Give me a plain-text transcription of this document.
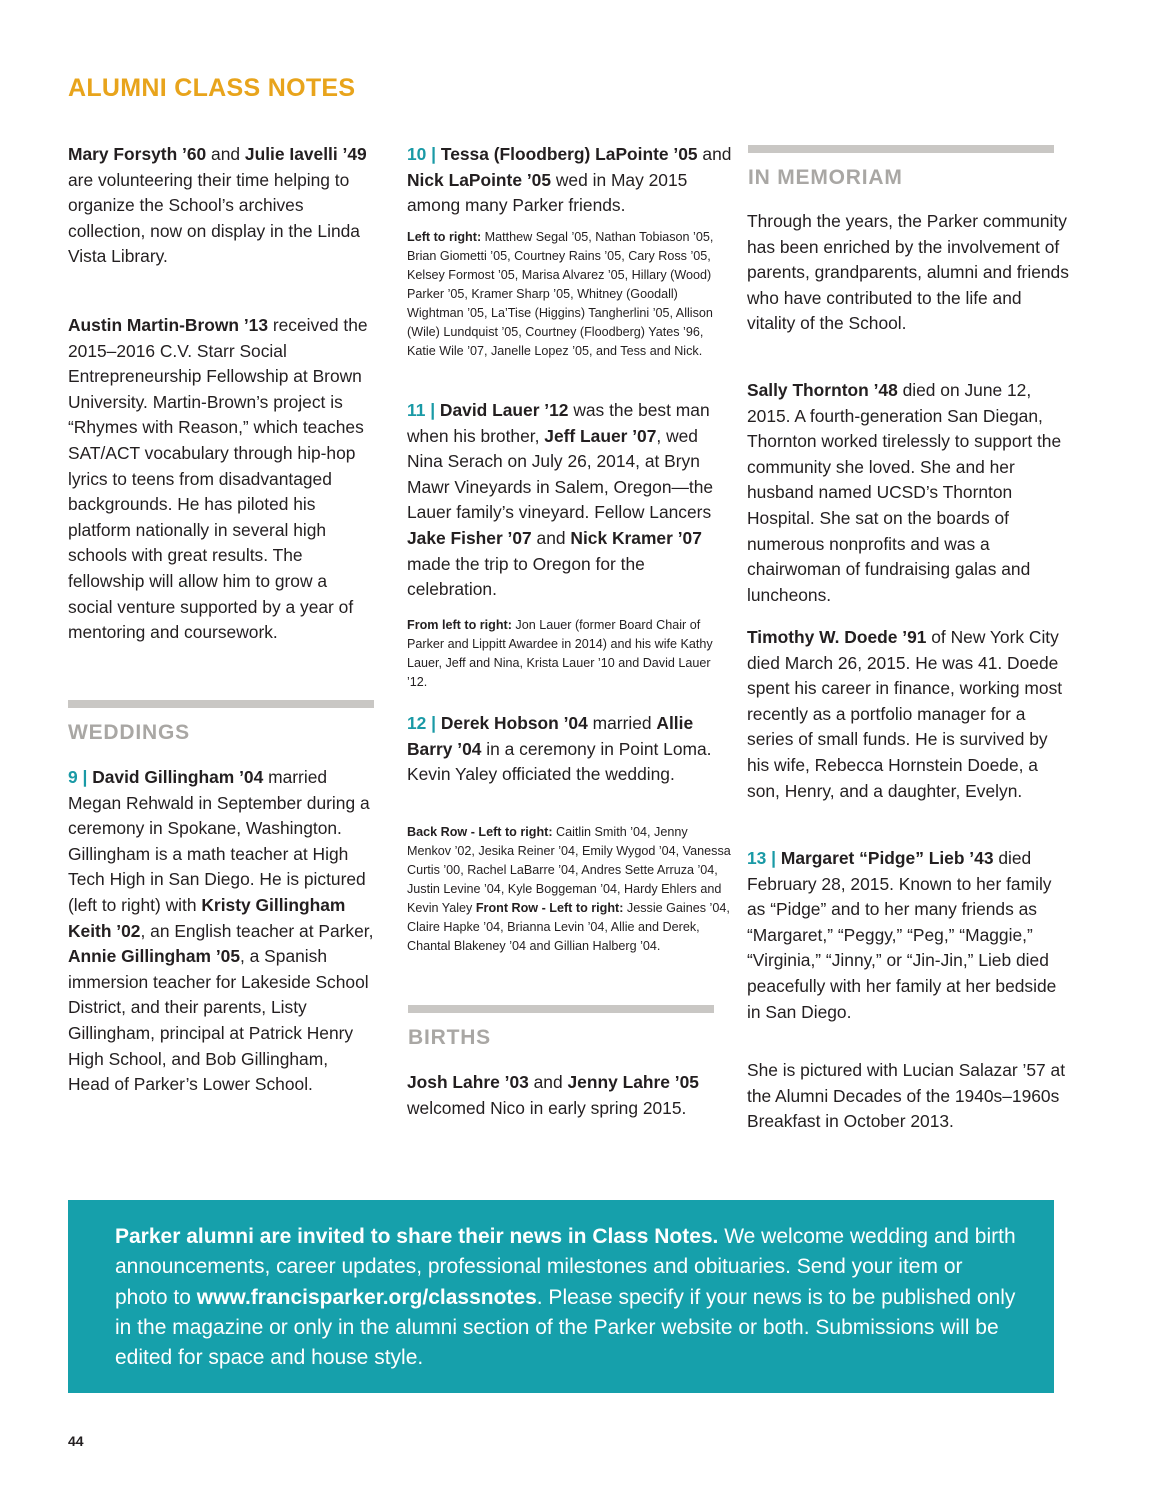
ALUMNI CLASS NOTES
Mary Forsyth ’60 and Julie Iavelli ’49 are volunteering their time helping to organize the School’s archives collection, now on display in the Linda Vista Library.
Austin Martin-Brown ’13 received the 2015–2016 C.V. Starr Social Entrepreneurship Fellowship at Brown University. Martin-Brown’s project is “Rhymes with Reason,” which teaches SAT/ACT vocabulary through hip-hop lyrics to teens from disadvantaged backgrounds. He has piloted his platform nationally in several high schools with great results. The fellowship will allow him to grow a social venture supported by a year of mentoring and coursework.
WEDDINGS
9 | David Gillingham ’04 married Megan Rehwald in September during a ceremony in Spokane, Washington. Gillingham is a math teacher at High Tech High in San Diego. He is pictured (left to right) with Kristy Gillingham Keith ’02, an English teacher at Parker, Annie Gillingham ’05, a Spanish immersion teacher for Lakeside School District, and their parents, Listy Gillingham, principal at Patrick Henry High School, and Bob Gillingham, Head of Parker’s Lower School.
10 | Tessa (Floodberg) LaPointe ’05 and Nick LaPointe ’05 wed in May 2015 among many Parker friends.
Left to right: Matthew Segal ’05, Nathan Tobiason ’05, Brian Giometti ’05, Courtney Rains ’05, Cary Ross ’05, Kelsey Formost ’05, Marisa Alvarez ’05, Hillary (Wood) Parker ’05, Kramer Sharp ’05, Whitney (Goodall) Wightman ’05, La’Tise (Higgins) Tangherlini ’05, Allison (Wile) Lundquist ’05, Courtney (Floodberg) Yates ’96, Katie Wile ’07, Janelle Lopez ’05, and Tess and Nick.
11 | David Lauer ’12 was the best man when his brother, Jeff Lauer ’07, wed Nina Serach on July 26, 2014, at Bryn Mawr Vineyards in Salem, Oregon—the Lauer family’s vineyard. Fellow Lancers Jake Fisher ’07 and Nick Kramer ’07 made the trip to Oregon for the celebration.
From left to right: Jon Lauer (former Board Chair of Parker and Lippitt Awardee in 2014) and his wife Kathy Lauer, Jeff and Nina, Krista Lauer ’10 and David Lauer ’12.
12 | Derek Hobson ’04 married Allie Barry ’04 in a ceremony in Point Loma. Kevin Yaley officiated the wedding.
Back Row - Left to right: Caitlin Smith ’04, Jenny Menkov ’02, Jesika Reiner ’04, Emily Wygod ’04, Vanessa Curtis ’00, Rachel LaBarre ’04, Andres Sette Arruza ’04, Justin Levine ’04, Kyle Boggeman ’04, Hardy Ehlers and Kevin Yaley Front Row - Left to right: Jessie Gaines ’04, Claire Hapke ’04, Brianna Levin ’04, Allie and Derek, Chantal Blakeney ’04 and Gillian Halberg ’04.
BIRTHS
Josh Lahre ’03 and Jenny Lahre ’05 welcomed Nico in early spring 2015.
IN MEMORIAM
Through the years, the Parker community has been enriched by the involvement of parents, grandparents, alumni and friends who have contributed to the life and vitality of the School.
Sally Thornton ’48 died on June 12, 2015. A fourth-generation San Diegan, Thornton worked tirelessly to support the community she loved. She and her husband named UCSD’s Thornton Hospital. She sat on the boards of numerous nonprofits and was a chairwoman of fundraising galas and luncheons.
Timothy W. Doede ’91 of New York City died March 26, 2015. He was 41. Doede spent his career in finance, working most recently as a portfolio manager for a series of small funds. He is survived by his wife, Rebecca Hornstein Doede, a son, Henry, and a daughter, Evelyn.
13 | Margaret “Pidge” Lieb ’43 died February 28, 2015. Known to her family as “Pidge” and to her many friends as “Margaret,” “Peggy,” “Peg,” “Maggie,” “Virginia,” “Jinny,” or “Jin-Jin,” Lieb died peacefully with her family at her bedside in San Diego.
She is pictured with Lucian Salazar ’57 at the Alumni Decades of the 1940s–1960s Breakfast in October 2013.
Parker alumni are invited to share their news in Class Notes. We welcome wedding and birth announcements, career updates, professional milestones and obituaries. Send your item or photo to www.francisparker.org/classnotes. Please specify if your news is to be published only in the magazine or only in the alumni section of the Parker website or both. Submissions will be edited for space and house style.
44
